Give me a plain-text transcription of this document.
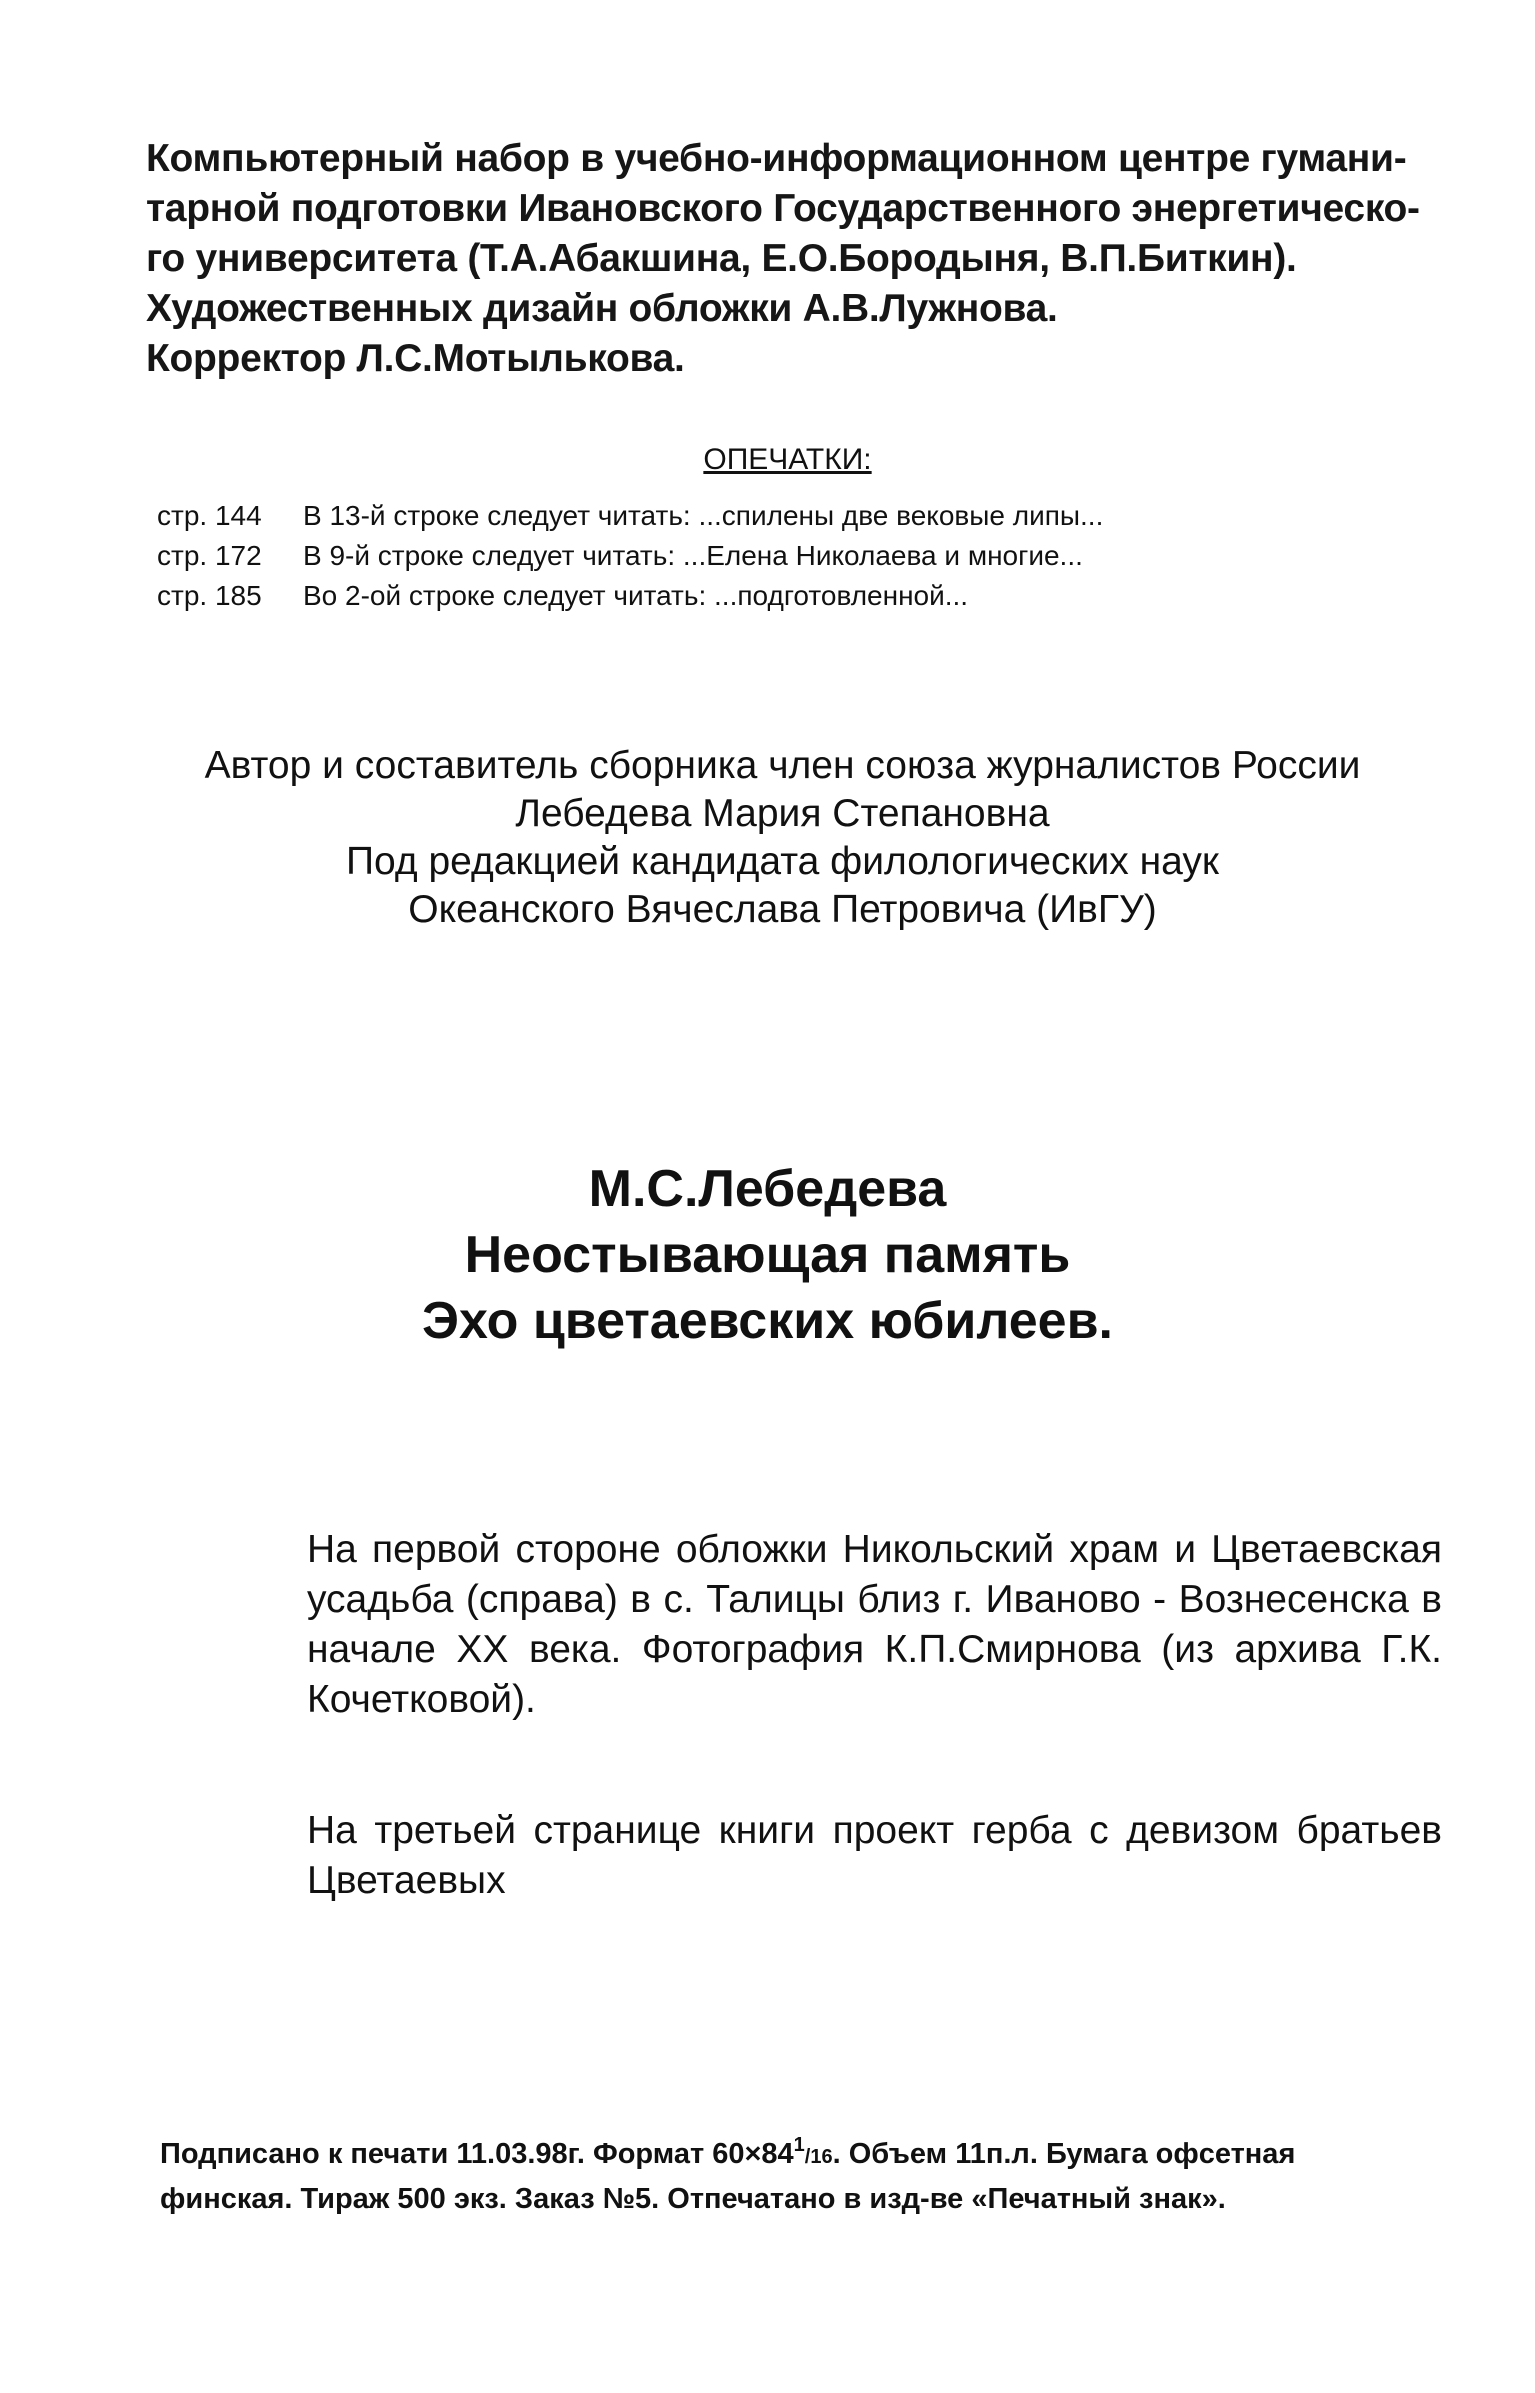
Компьютерный набор в учебно-информационном центре гумани-
тарной подготовки Ивановского Государственного энергетическо-
го университета (Т.А.Абакшина, Е.О.Бородыня, В.П.Биткин).
Художественных дизайн обложки А.В.Лужнова.
Корректор Л.С.Мотылькова.
ОПЕЧАТКИ:
стр. 144	В 13-й строке следует читать: ...спилены две вековые липы...
стр. 172	В 9-й строке следует читать: ...Елена Николаева и многие...
стр. 185	Во 2-ой строке следует читать: ...подготовленной...
Автор и составитель сборника член союза журналистов России
Лебедева Мария Степановна
Под редакцией кандидата филологических наук
Океанского Вячеслава Петровича (ИвГУ)
М.С.Лебедева
Неостывающая память
Эхо цветаевских юбилеев.
На первой стороне обложки Никольский храм и Цветаевская усадьба (справа) в с. Талицы близ г. Иваново - Вознесенска в начале XX века. Фотография К.П.Смирнова (из архива Г.К. Кочетковой).
На третьей странице книги проект герба с девизом братьев Цветаевых
Подписано к печати 11.03.98г. Формат $60\times 84^1/16$. Объем 11п.л. Бумага офсетная
финская. Тираж 500 экз. Заказ №5. Отпечатано в изд-ве «Печатный знак».
